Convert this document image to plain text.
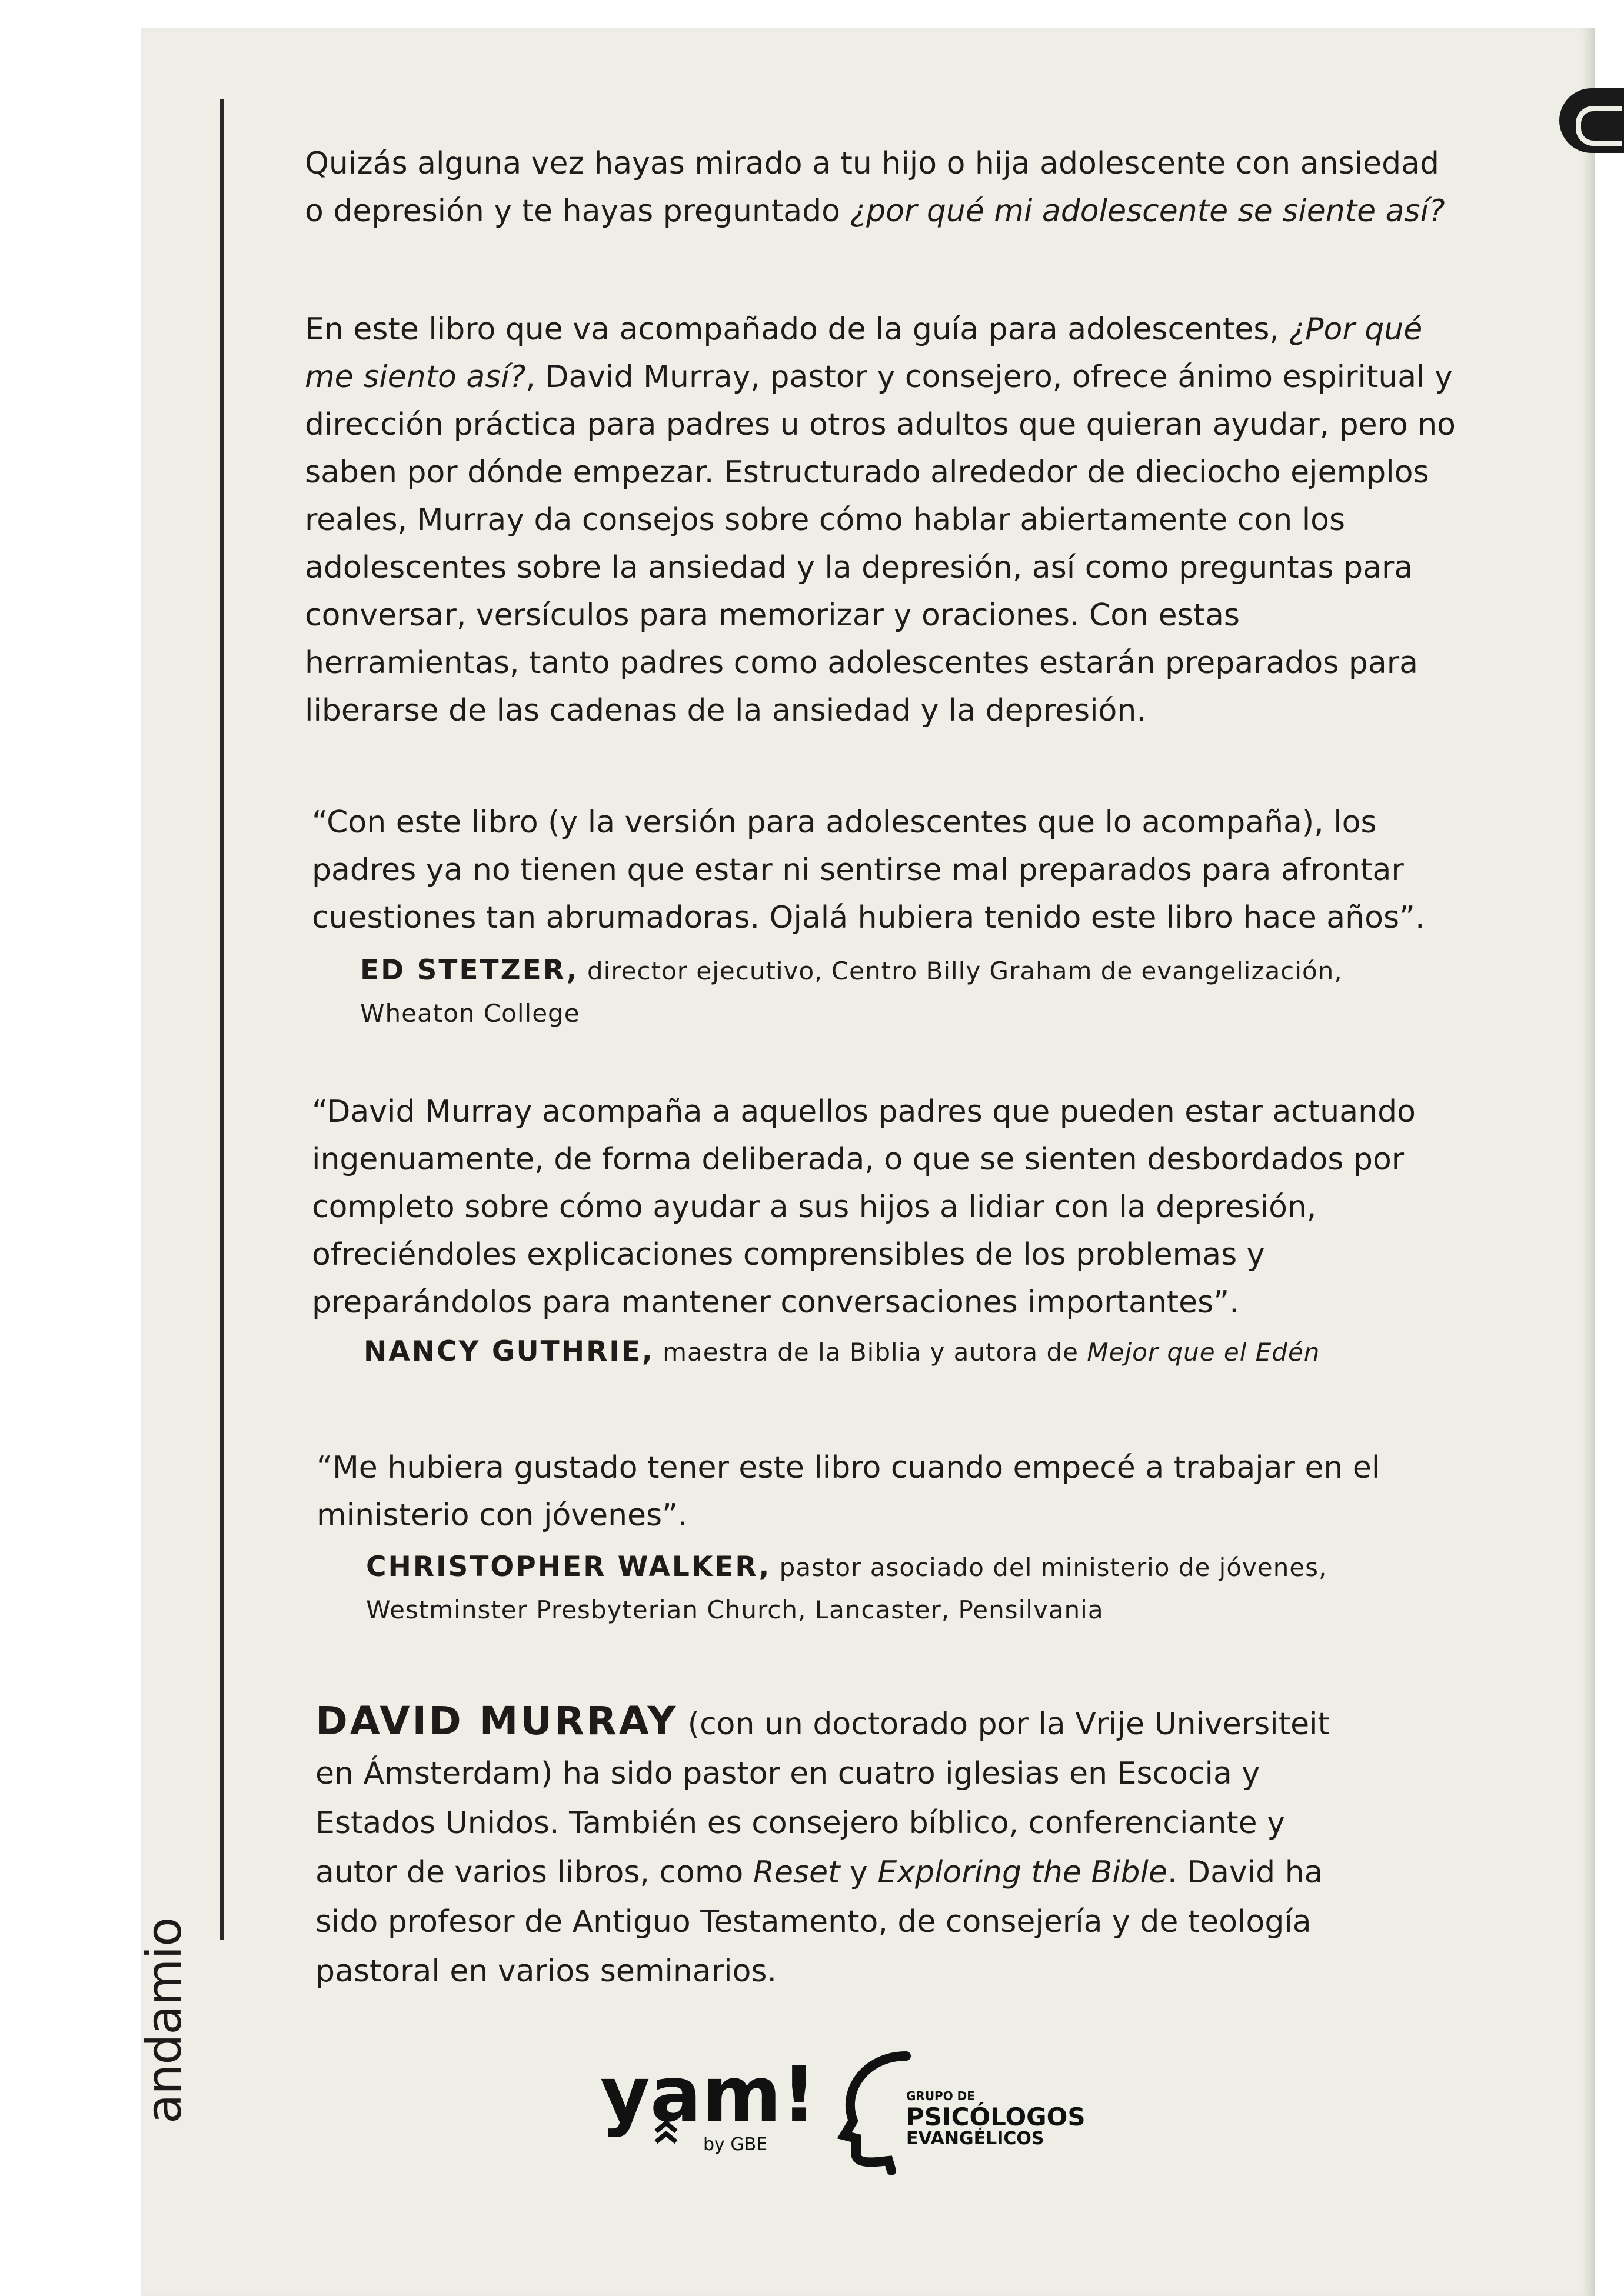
andamio

Quizás alguna vez hayas mirado a tu hijo o hija adolescente con ansiedad o depresión y te hayas preguntado ¿por qué mi adolescente se siente así?

En este libro que va acompañado de la guía para adolescentes, ¿Por qué me siento así?, David Murray, pastor y consejero, ofrece ánimo espiritual y dirección práctica para padres u otros adultos que quieran ayudar, pero no saben por dónde empezar. Estructurado alrededor de dieciocho ejemplos reales, Murray da consejos sobre cómo hablar abiertamente con los adolescentes sobre la ansiedad y la depresión, así como preguntas para conversar, versículos para memorizar y oraciones. Con estas herramientas, tanto padres como adolescentes estarán preparados para liberarse de las cadenas de la ansiedad y la depresión.

“Con este libro (y la versión para adolescentes que lo acompaña), los padres ya no tienen que estar ni sentirse mal preparados para afrontar cuestiones tan abrumadoras. Ojalá hubiera tenido este libro hace años”.

ED STETZER, director ejecutivo, Centro Billy Graham de evangelización, Wheaton College

“David Murray acompaña a aquellos padres que pueden estar actuando ingenuamente, de forma deliberada, o que se sienten desbordados por completo sobre cómo ayudar a sus hijos a lidiar con la depresión, ofreciéndoles explicaciones comprensibles de los problemas y preparándolos para mantener conversaciones importantes”.

NANCY GUTHRIE, maestra de la Biblia y autora de Mejor que el Edén

“Me hubiera gustado tener este libro cuando empecé a trabajar en el ministerio con jóvenes”.

CHRISTOPHER WALKER, pastor asociado del ministerio de jóvenes, Westminster Presbyterian Church, Lancaster, Pensilvania
DAVID MURRAY (con un doctorado por la Vrije Universiteit en Ámsterdam) ha sido pastor en cuatro iglesias en Escocia y Estados Unidos. También es consejero bíblico, conferenciante y autor de varios libros, como Reset y Exploring the Bible. David ha sido profesor de Antiguo Testamento, de consejería y de teología pastoral en varios seminarios.
yam!
by GBE
GRUPO DE
PSICÓLOGOS
EVANGÉLICOS
